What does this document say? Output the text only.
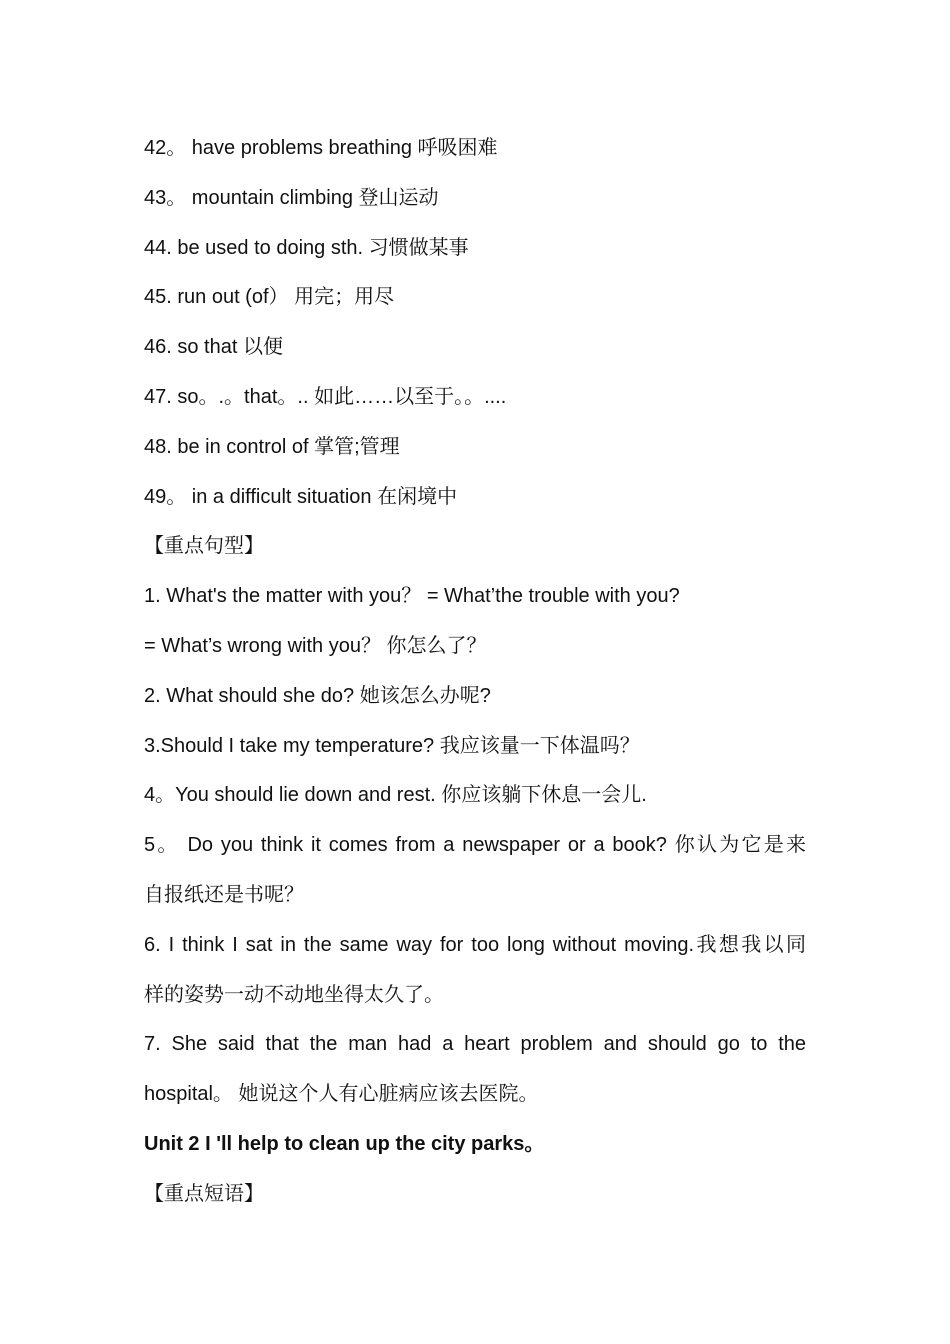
42。 have problems breathing 呼吸困难
43。 mountain climbing 登山运动
44. be used to doing sth. 习惯做某事
45. run out (of） 用完；用尽
46. so that 以便
47. so。.。that。.. 如此……以至于。。....
48. be in control of 掌管;管理
49。 in a difficult situation 在闲境中
【重点句型】
1. What's the matter with you？ = What’the trouble with you?
= What’s wrong with you？ 你怎么了？
2. What should she do? 她该怎么办呢?
3.Should I take my temperature? 我应该量一下体温吗？
4。You should lie down and rest. 你应该躺下休息一会儿.
5。 Do you think it comes from a newspaper or a book? 你认为它是来
自报纸还是书呢？
6. I think I sat in the same way for too long without moving.我想我以同
样的姿势一动不动地坐得太久了。
7. She said that the man had a heart problem and should go to the
hospital。 她说这个人有心脏病应该去医院。
Unit 2 I 'll help to clean up the city parks。
【重点短语】
